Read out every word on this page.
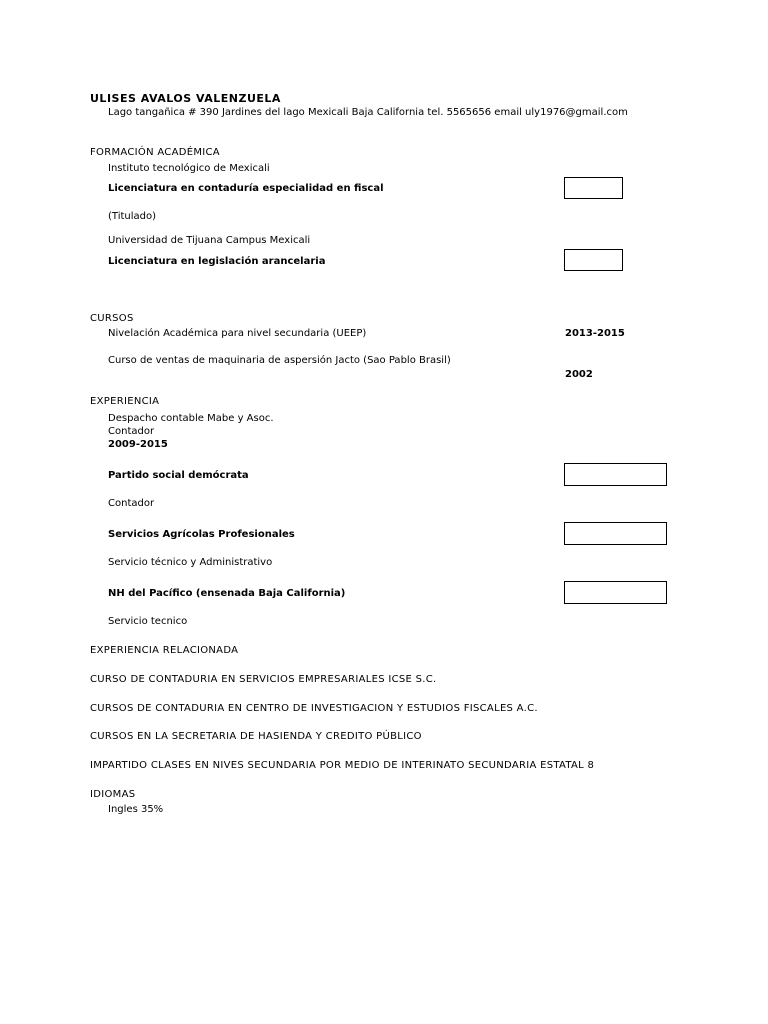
ULISES AVALOS VALENZUELA
Lago tangañica # 390 Jardines del lago Mexicali Baja California tel. 5565656 email uly1976@gmail.com
FORMACIÓN ACADÉMICA
Instituto tecnológico de Mexicali
Licenciatura en contaduría especialidad en fiscal
(Titulado)
Universidad de Tijuana Campus Mexicali
Licenciatura en legislación arancelaria
CURSOS
Nivelación Académica para nivel secundaria (UEEP)	2013-2015
Curso de ventas de maquinaria de aspersión Jacto (Sao Pablo Brasil)
2002
EXPERIENCIA
Despacho contable Mabe y Asoc.
Contador
2009-2015
Partido social demócrata
Contador
Servicios Agrícolas Profesionales
Servicio técnico y Administrativo
NH del Pacífico (ensenada Baja California)
Servicio tecnico
EXPERIENCIA RELACIONADA
CURSO DE CONTADURIA EN SERVICIOS EMPRESARIALES ICSE S.C.
CURSOS DE CONTADURIA EN CENTRO DE INVESTIGACION Y ESTUDIOS FISCALES A.C.
CURSOS EN LA SECRETARIA DE HASIENDA Y CREDITO PÚBLICO
IMPARTIDO CLASES EN NIVES SECUNDARIA POR MEDIO DE INTERINATO SECUNDARIA ESTATAL 8
IDIOMAS
Ingles 35%
